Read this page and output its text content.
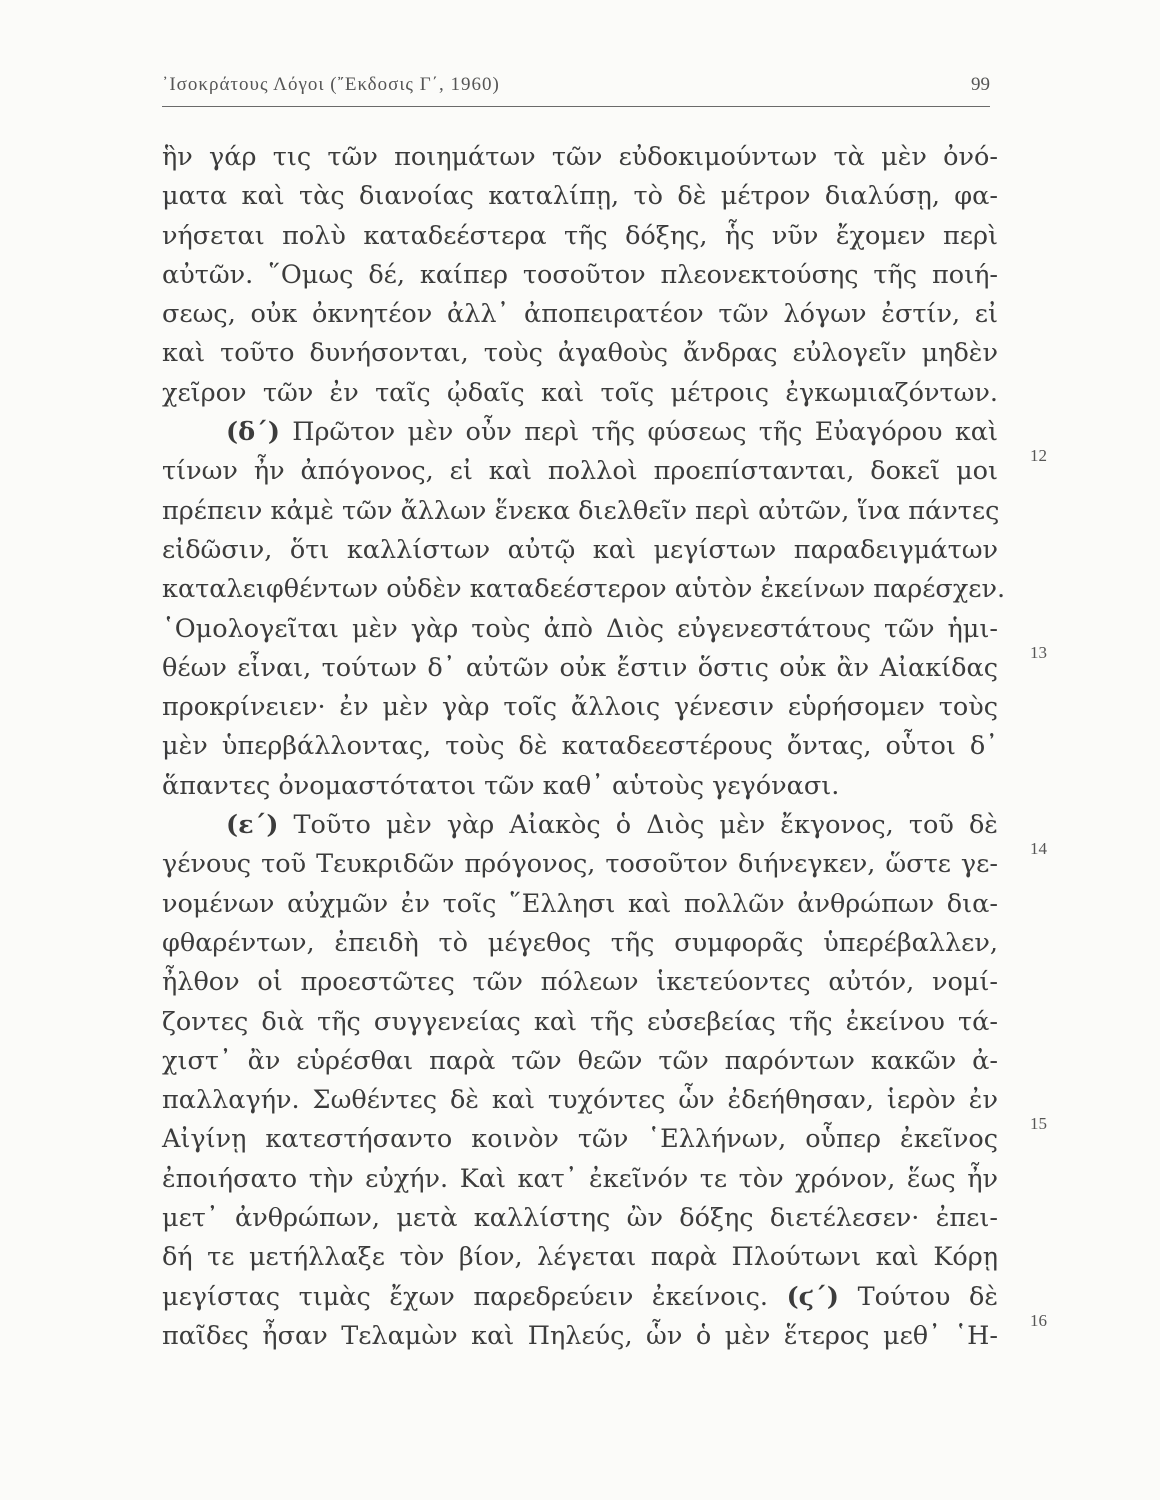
᾿Ισοκράτους Λόγοι (῎Εκδοσις Γ΄, 1960)	99
ἣν γάρ τις τῶν ποιημάτων τῶν εὐδοκιμούντων τὰ μὲν ὀνό-
ματα καὶ τὰς διανοίας καταλίπῃ, τὸ δὲ μέτρον διαλύσῃ, φα-
νήσεται πολὺ καταδεέστερα τῆς δόξης, ἧς νῦν ἔχομεν περὶ
αὐτῶν. ῞Ομως δέ, καίπερ τοσοῦτον πλεονεκτούσης τῆς ποιή-
σεως, οὐκ ὀκνητέον ἀλλ᾿ ἀποπειρατέον τῶν λόγων ἐστίν, εἰ
καὶ τοῦτο δυνήσονται, τοὺς ἀγαθοὺς ἄνδρας εὐλογεῖν μηδὲν
χεῖρον τῶν ἐν ταῖς ᾠδαῖς καὶ τοῖς μέτροις ἐγκωμιαζόντων.
(δ΄) Πρῶτον μὲν οὖν περὶ τῆς φύσεως τῆς Εὐαγόρου καὶ
τίνων ἦν ἀπόγονος, εἰ καὶ πολλοὶ προεπίστανται, δοκεῖ μοι
πρέπειν κἀμὲ τῶν ἄλλων ἕνεκα διελθεῖν περὶ αὐτῶν, ἵνα πάντες
εἰδῶσιν, ὅτι καλλίστων αὐτῷ καὶ μεγίστων παραδειγμάτων
καταλειφθέντων οὐδὲν καταδεέστερον αὑτὸν ἐκείνων παρέσχεν.
῾Ομολογεῖται μὲν γὰρ τοὺς ἀπὸ Διὸς εὐγενεστάτους τῶν ἡμι-
θέων εἶναι, τούτων δ᾿ αὐτῶν οὐκ ἔστιν ὅστις οὐκ ἂν Αἰακίδας
προκρίνειεν· ἐν μὲν γὰρ τοῖς ἄλλοις γένεσιν εὑρήσομεν τοὺς
μὲν ὑπερβάλλοντας, τοὺς δὲ καταδεεστέρους ὄντας, οὗτοι δ᾿
ἅπαντες ὀνομαστότατοι τῶν καθ᾿ αὑτοὺς γεγόνασι.
(ε΄) Τοῦτο μὲν γὰρ Αἰακὸς ὁ Διὸς μὲν ἔκγονος, τοῦ δὲ
γένους τοῦ Τευκριδῶν πρόγονος, τοσοῦτον διήνεγκεν, ὥστε γε-
νομένων αὐχμῶν ἐν τοῖς ῞Ελλησι καὶ πολλῶν ἀνθρώπων δια-
φθαρέντων, ἐπειδὴ τὸ μέγεθος τῆς συμφορᾶς ὑπερέβαλλεν,
ἦλθον οἱ προεστῶτες τῶν πόλεων ἱκετεύοντες αὐτόν, νομί-
ζοντες διὰ τῆς συγγενείας καὶ τῆς εὐσεβείας τῆς ἐκείνου τά-
χιστ᾿ ἂν εὑρέσθαι παρὰ τῶν θεῶν τῶν παρόντων κακῶν ἀ-
παλλαγήν. Σωθέντες δὲ καὶ τυχόντες ὧν ἐδεήθησαν, ἱερὸν ἐν
Αἰγίνῃ κατεστήσαντο κοινὸν τῶν ῾Ελλήνων, οὗπερ ἐκεῖνος
ἐποιήσατο τὴν εὐχήν. Καὶ κατ᾿ ἐκεῖνόν τε τὸν χρόνον, ἕως ἦν
μετ᾿ ἀνθρώπων, μετὰ καλλίστης ὢν δόξης διετέλεσεν· ἐπει-
δή τε μετήλλαξε τὸν βίον, λέγεται παρὰ Πλούτωνι καὶ Κόρῃ
μεγίστας τιμὰς ἔχων παρεδρεύειν ἐκείνοις. (ϛ΄) Τούτου δὲ
παῖδες ἦσαν Τελαμὼν καὶ Πηλεύς, ὧν ὁ μὲν ἕτερος μεθ᾿ ῾Η-
12
13
14
15
16
